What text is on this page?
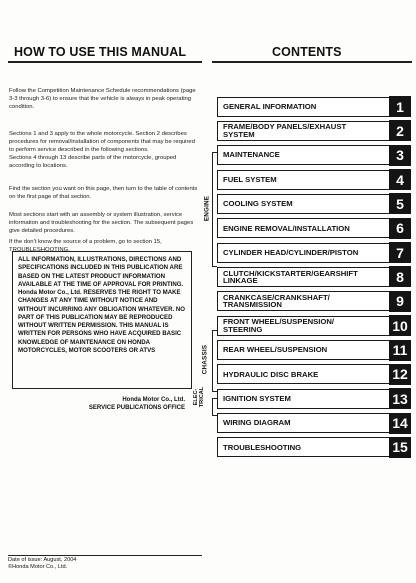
HOW TO USE THIS MANUAL

Follow the Competition Maintenance Schedule recommendations (page 3-3 through 3-6) to ensure that the vehicle is always in peak operating condition.

Sections 1 and 3 apply to the whole motorcycle. Section 2 describes procedures for removal/installation of components that may be required to perform service described in the following sections.
Sections 4 through 13 describe parts of the motorcycle, grouped according to locations.

Find the section you want on this page, then turn to the table of contents on the first page of that section.

Most sections start with an assembly or system illustration, service information and troubleshooting for the section. The subsequent pages give detailed procedures.

ALL INFORMATION, ILLUSTRATIONS, DIRECTIONS AND SPECIFICATIONS INCLUDED IN THIS PUBLICATION ARE BASED ON THE LATEST PRODUCT INFORMATION AVAILABLE AT THE TIME OF APPROVAL FOR PRINTING. Honda Motor Co., Ltd. RESERVES THE RIGHT TO MAKE CHANGES AT ANY TIME WITHOUT NOTICE AND WITHOUT INCURRING ANY OBLIGATION WHATEVER. NO PART OF THIS PUBLICATION MAY BE REPRODUCED WITHOUT WRITTEN PERMISSION. THIS MANUAL IS WRITTEN FOR PERSONS WHO HAVE ACQUIRED BASIC KNOWLEDGE OF MAINTENANCE ON HONDA MOTORCYCLES, MOTOR SCOOTERS OR ATVS

If the don't know the source of a problem, go to section 15, TROUBLESHOOTING.

Honda Motor Co., Ltd.
SERVICE PUBLICATIONS OFFICE
Date of issue: August, 2004
©Honda Motor Co., Ltd.
CONTENTS
GENERAL INFORMATION	1
FRAME/BODY PANELS/EXHAUST
SYSTEM	2
MAINTENANCE	3
FUEL SYSTEM	4
COOLING SYSTEM	5
ENGINE REMOVAL/INSTALLATION	6
CYLINDER HEAD/CYLINDER/PISTON	7
CLUTCH/KICKSTARTER/GEARSHIFT
LINKAGE	8
CRANKCASE/CRANKSHAFT/
TRANSMISSION	9
FRONT WHEEL/SUSPENSION/
STEERING	10
REAR WHEEL/SUSPENSION	11
HYDRAULIC DISC BRAKE	12
IGNITION SYSTEM	13
WIRING DIAGRAM	14
TROUBLESHOOTING	15
ENGINE
CHASSIS
ELEC-
TRICAL
